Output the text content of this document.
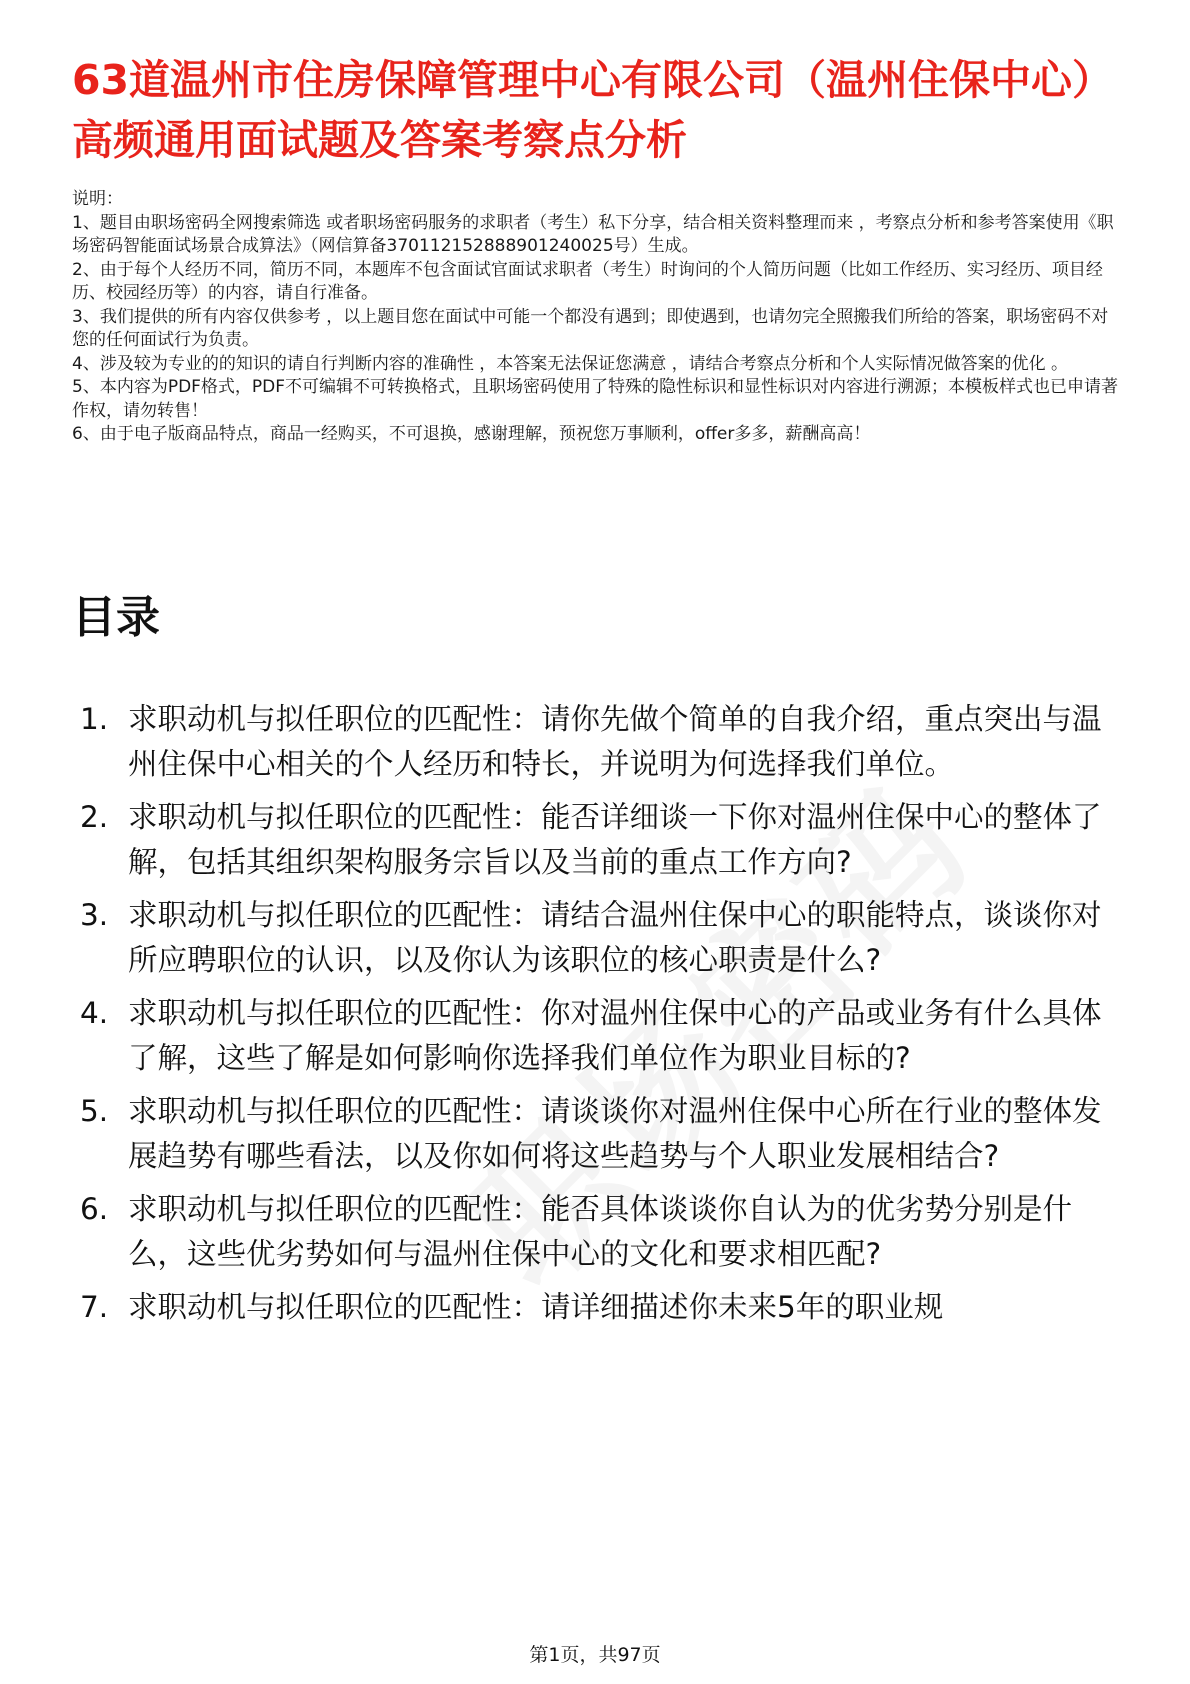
63道温州市住房保障管理中心有限公司（温州住保中心）高频通用面试题及答案考察点分析

说明：

1、题目由职场密码全网搜索筛选 或者职场密码服务的求职者（考生）私下分享，结合相关资料整理而来 ，考察点分析和参考答案使用《职场密码智能面试场景合成算法》（网信算备370112152888901240025号）生成。

2、由于每个人经历不同，简历不同，本题库不包含面试官面试求职者（考生）时询问的个人简历问题（比如工作经历、实习经历、项目经历、校园经历等）的内容，请自行准备。

3、我们提供的所有内容仅供参考 ，以上题目您在面试中可能一个都没有遇到；即使遇到，也请勿完全照搬我们所给的答案，职场密码不对您的任何面试行为负责。

4、涉及较为专业的的知识的请自行判断内容的准确性 ，本答案无法保证您满意 ，请结合考察点分析和个人实际情况做答案的优化 。

5、本内容为PDF格式，PDF不可编辑不可转换格式，且职场密码使用了特殊的隐性标识和显性标识对内容进行溯源；本模板样式也已申请著作权，请勿转售！

6、由于电子版商品特点，商品一经购买，不可退换，感谢理解，预祝您万事顺利，offer多多，薪酬高高！

目录
1. 求职动机与拟任职位的匹配性：请你先做个简单的自我介绍，重点突出与温州住保中心相关的个人经历和特长，并说明为何选择我们单位。
2. 求职动机与拟任职位的匹配性：能否详细谈一下你对温州住保中心的整体了解，包括其组织架构服务宗旨以及当前的重点工作方向?
3. 求职动机与拟任职位的匹配性：请结合温州住保中心的职能特点，谈谈你对所应聘职位的认识，以及你认为该职位的核心职责是什么?
4. 求职动机与拟任职位的匹配性：你对温州住保中心的产品或业务有什么具体了解，这些了解是如何影响你选择我们单位作为职业目标的?
5. 求职动机与拟任职位的匹配性：请谈谈你对温州住保中心所在行业的整体发展趋势有哪些看法，以及你如何将这些趋势与个人职业发展相结合?
6. 求职动机与拟任职位的匹配性：能否具体谈谈你自认为的优劣势分别是什么，这些优劣势如何与温州住保中心的文化和要求相匹配?
7. 求职动机与拟任职位的匹配性：请详细描述你未来5年的职业规
第1页，共97页
